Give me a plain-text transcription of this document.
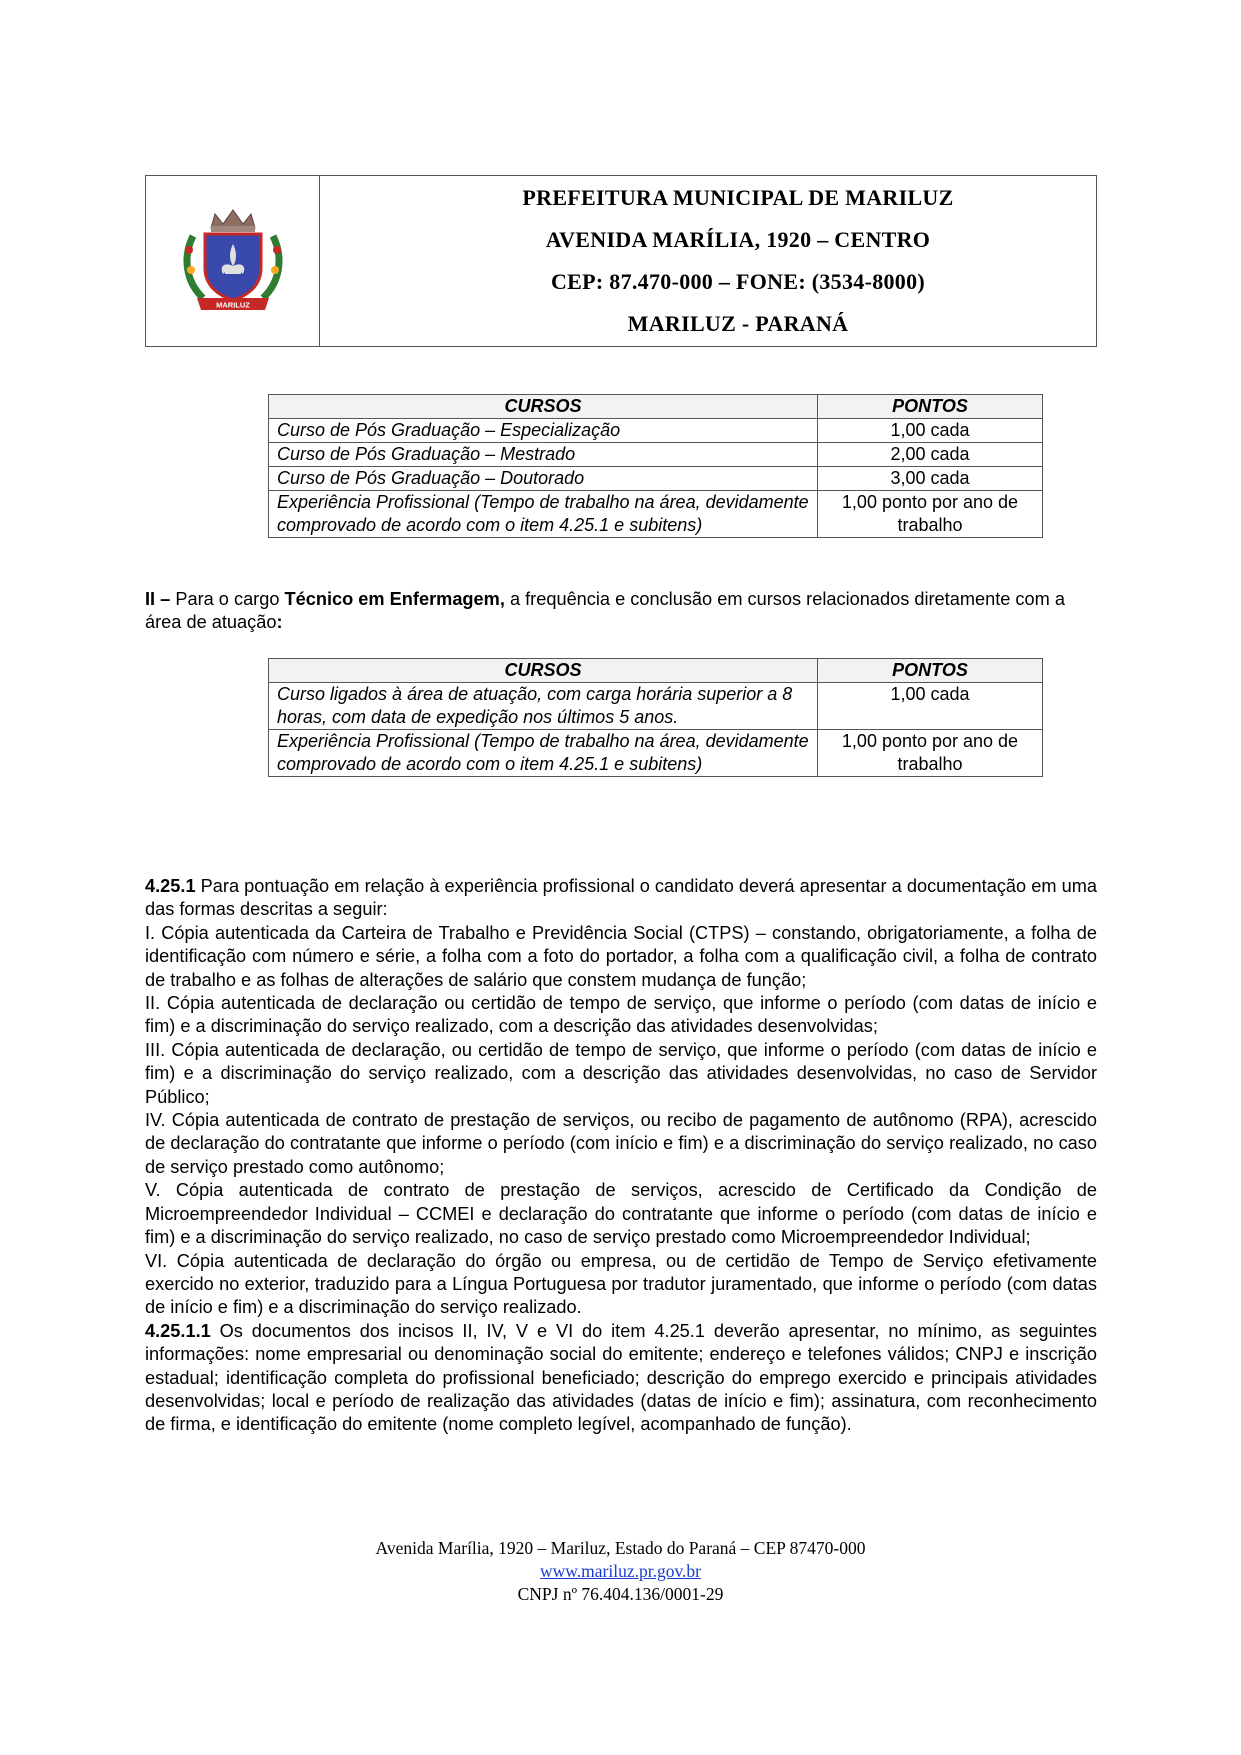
MARILUZ
PREFEITURA MUNICIPAL DE MARILUZ
AVENIDA MARÍLIA, 1920 – CENTRO
CEP: 87.470-000 – FONE: (3534-8000)
MARILUZ - PARANÁ
CURSOS	PONTOS
Curso de Pós Graduação – Especialização	1,00 cada
Curso de Pós Graduação – Mestrado	2,00 cada
Curso de Pós Graduação – Doutorado	3,00 cada
Experiência Profissional (Tempo de trabalho na área, devidamente comprovado de acordo com o item 4.25.1 e subitens)	1,00 ponto por ano de trabalho

II – Para o cargo Técnico em Enfermagem, a frequência e conclusão em cursos relacionados diretamente com a área de atuação:

CURSOS	PONTOS
Curso ligados à área de atuação, com carga horária superior a 8 horas, com data de expedição nos últimos 5 anos.	1,00 cada
Experiência Profissional (Tempo de trabalho na área, devidamente comprovado de acordo com o item 4.25.1 e subitens)	1,00 ponto por ano de trabalho

4.25.1 Para pontuação em relação à experiência profissional o candidato deverá apresentar a documentação em uma das formas descritas a seguir:

I. Cópia autenticada da Carteira de Trabalho e Previdência Social (CTPS) – constando, obrigatoriamente, a folha de identificação com número e série, a folha com a foto do portador, a folha com a qualificação civil, a folha de contrato de trabalho e as folhas de alterações de salário que constem mudança de função;

II. Cópia autenticada de declaração ou certidão de tempo de serviço, que informe o período (com datas de início e fim) e a discriminação do serviço realizado, com a descrição das atividades desenvolvidas;

III. Cópia autenticada de declaração, ou certidão de tempo de serviço, que informe o período (com datas de início e fim) e a discriminação do serviço realizado, com a descrição das atividades desenvolvidas, no caso de Servidor Público;

IV. Cópia autenticada de contrato de prestação de serviços, ou recibo de pagamento de autônomo (RPA), acrescido de declaração do contratante que informe o período (com início e fim) e a discriminação do serviço realizado, no caso de serviço prestado como autônomo;

V. Cópia autenticada de contrato de prestação de serviços, acrescido de Certificado da Condição de Microempreendedor Individual – CCMEI e declaração do contratante que informe o período (com datas de início e fim) e a discriminação do serviço realizado, no caso de serviço prestado como Microempreendedor Individual;

VI. Cópia autenticada de declaração do órgão ou empresa, ou de certidão de Tempo de Serviço efetivamente exercido no exterior, traduzido para a Língua Portuguesa por tradutor juramentado, que informe o período (com datas de início e fim) e a discriminação do serviço realizado.

4.25.1.1 Os documentos dos incisos II, IV, V e VI do item 4.25.1 deverão apresentar, no mínimo, as seguintes informações: nome empresarial ou denominação social do emitente; endereço e telefones válidos; CNPJ e inscrição estadual; identificação completa do profissional beneficiado; descrição do emprego exercido e principais atividades desenvolvidas; local e período de realização das atividades (datas de início e fim); assinatura, com reconhecimento de firma, e identificação do emitente (nome completo legível, acompanhado de função).

Avenida Marília, 1920 – Mariluz, Estado do Paraná – CEP 87470-000
www.mariluz.pr.gov.br
CNPJ nº 76.404.136/0001-29
